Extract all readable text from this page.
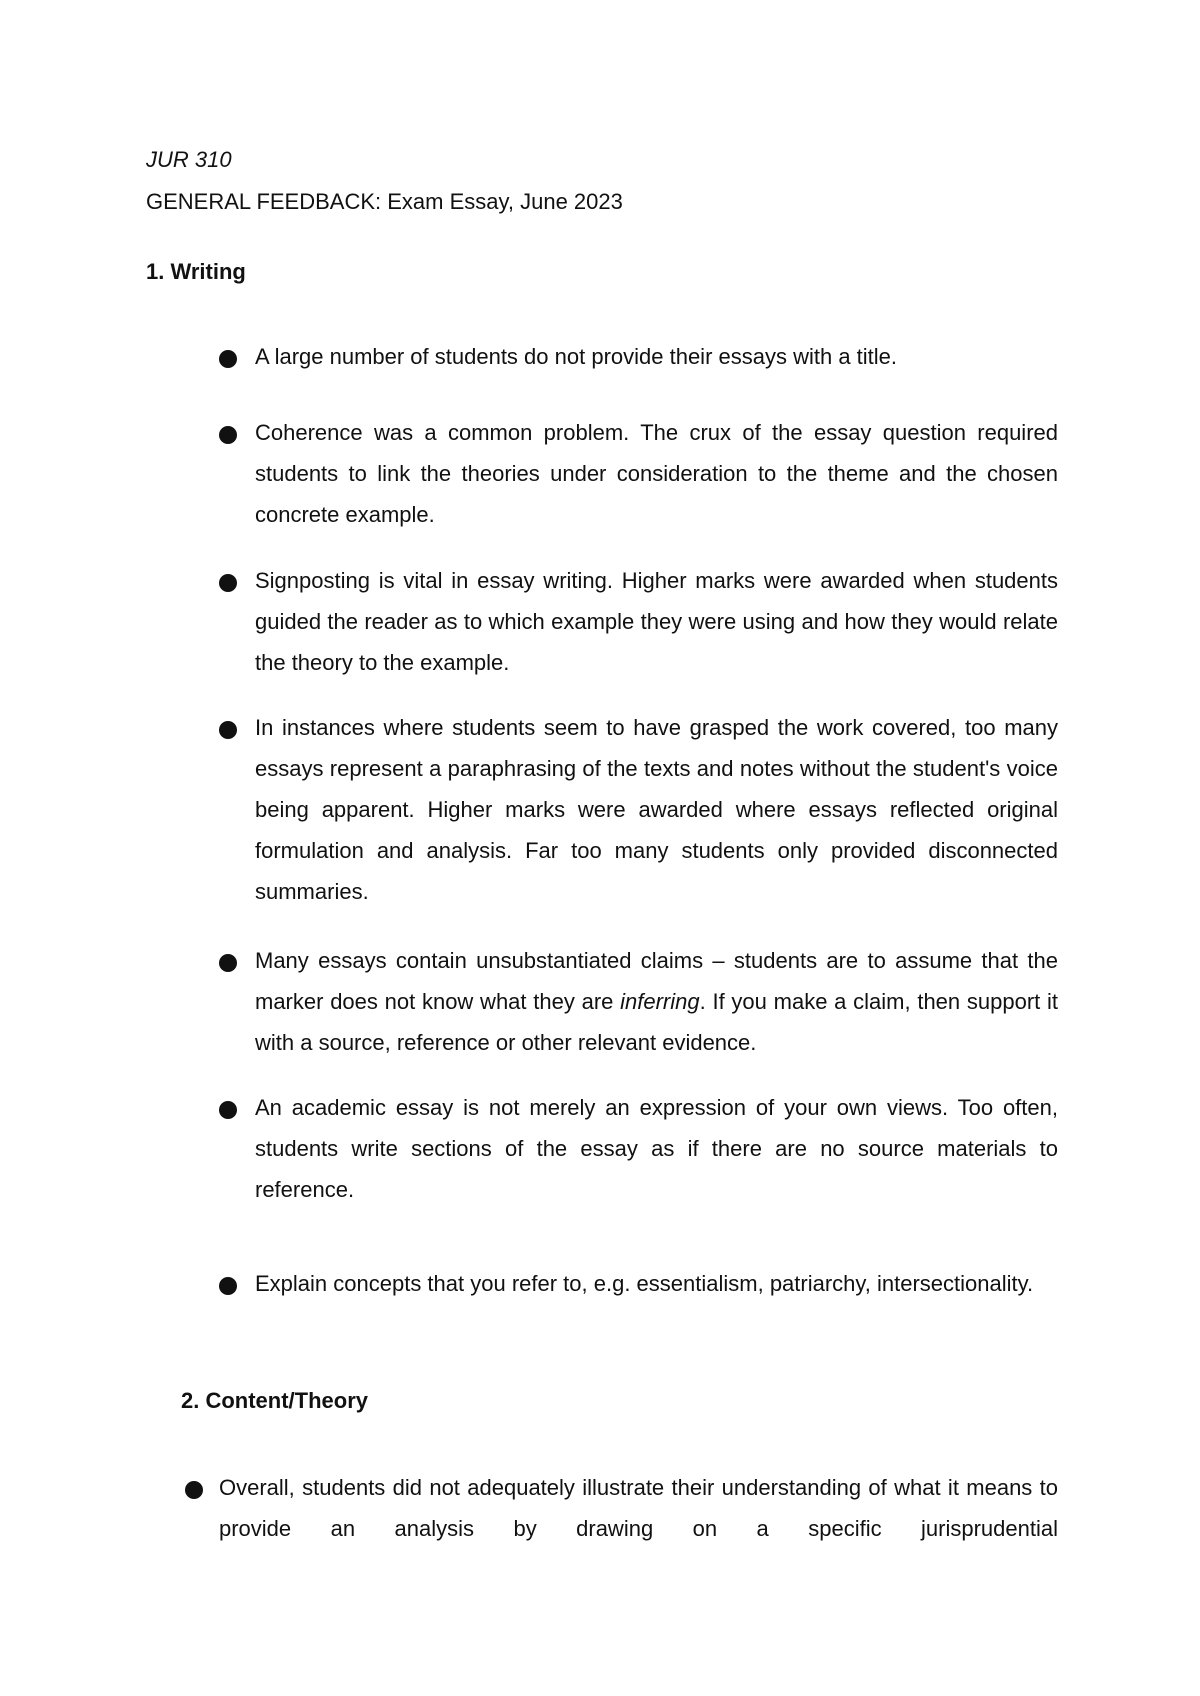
JUR 310

GENERAL FEEDBACK: Exam Essay, June 2023

1. Writing

A large number of students do not provide their essays with a title.

Coherence was a common problem. The crux of the essay question required students to link the theories under consideration to the theme and the chosen concrete example.

Signposting is vital in essay writing. Higher marks were awarded when students guided the reader as to which example they were using and how they would relate the theory to the example.

In instances where students seem to have grasped the work covered, too many essays represent a paraphrasing of the texts and notes without the student's voice being apparent. Higher marks were awarded where essays reflected original formulation and analysis. Far too many students only provided disconnected summaries.

Many essays contain unsubstantiated claims – students are to assume that the marker does not know what they are inferring. If you make a claim, then support it with a source, reference or other relevant evidence.

An academic essay is not merely an expression of your own views. Too often, students write sections of the essay as if there are no source materials to reference.

Explain concepts that you refer to, e.g. essentialism, patriarchy, intersectionality.

2. Content/Theory

Overall, students did not adequately illustrate their understanding of what it means to provide an analysis by drawing on a specific jurisprudential
